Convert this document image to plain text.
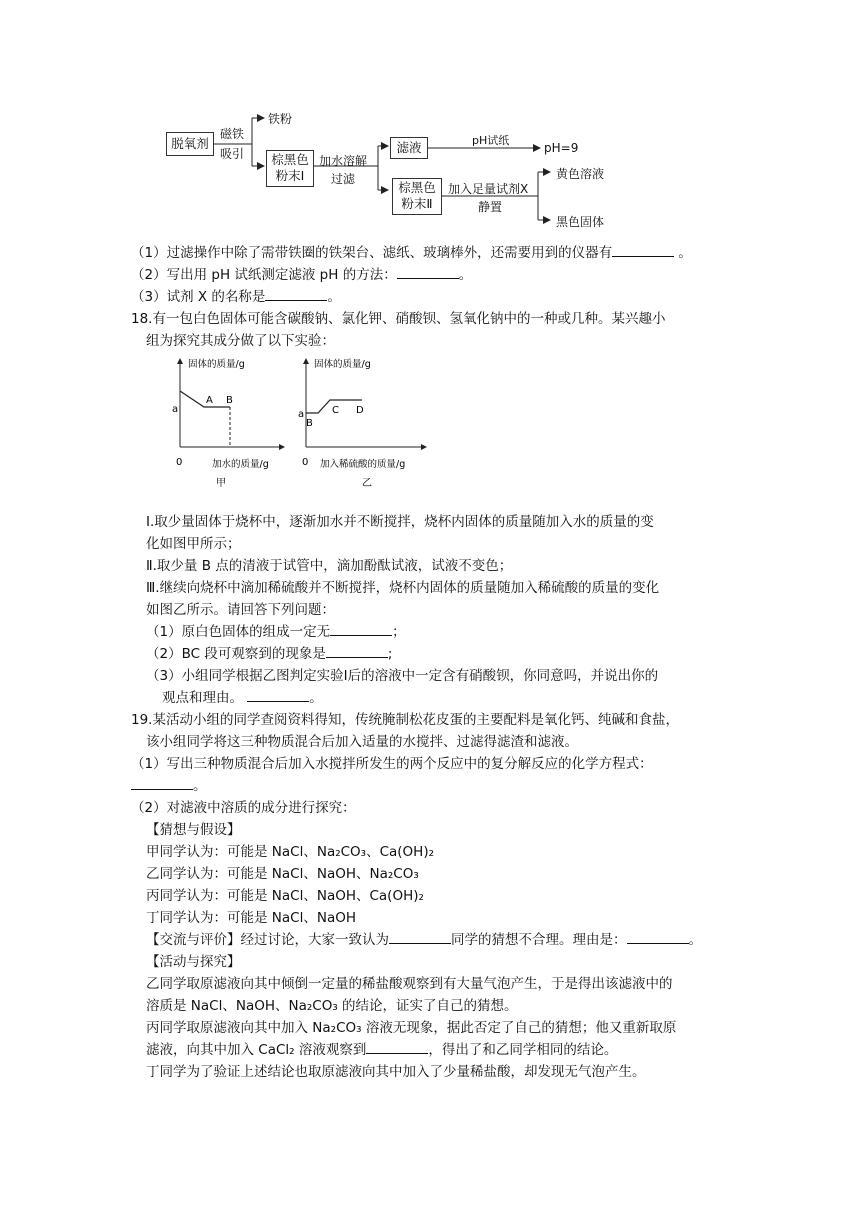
脱氧剂
磁铁
吸引
铁粉
棕黑色
粉末Ⅰ
加水溶解
过滤
滤液	pH试纸
pH=9
棕黑色
粉末Ⅱ
加入足量试剂X
静置
黄色溶液
黑色固体
（1）过滤操作中除了需带铁圈的铁架台、滤纸、玻璃棒外，还需要用到的仪器有	。
（2）写出用 pH 试纸测定滤液 pH 的方法：	。
（3）试剂 X 的名称是	。
18.有一包白色固体可能含碳酸钠、氯化钾、硝酸钡、氢氧化钠中的一种或几种。某兴趣小
组为探究其成分做了以下实验：
固体的质量/g
a
A B
0	加水的质量/g
甲
固体的质量/g
a
B
C D
0 加入稀硫酸的质量/g
乙
Ⅰ.取少量固体于烧杯中，逐渐加水并不断搅拌，烧杯内固体的质量随加入水的质量的变
化如图甲所示；
Ⅱ.取少量 B 点的清液于试管中，滴加酚酞试液，试液不变色；
Ⅲ.继续向烧杯中滴加稀硫酸并不断搅拌，烧杯内固体的质量随加入稀硫酸的质量的变化
如图乙所示。请回答下列问题：
（1）原白色固体的组成一定无	；
（2）BC 段可观察到的现象是	;
（3）小组同学根据乙图判定实验Ⅰ后的溶液中一定含有硝酸钡，你同意吗，并说出你的
观点和理由。	。
19.某活动小组的同学查阅资料得知，传统腌制松花皮蛋的主要配料是氧化钙、纯碱和食盐，
该小组同学将这三种物质混合后加入适量的水搅拌、过滤得滤渣和滤液。
（1）写出三种物质混合后加入水搅拌所发生的两个反应中的复分解反应的化学方程式：
。
（2）对滤液中溶质的成分进行探究：
【猜想与假设】
甲同学认为：可能是 NaCl、Na₂CO₃、Ca(OH)₂
乙同学认为：可能是 NaCl、NaOH、Na₂CO₃
丙同学认为：可能是 NaCl、NaOH、Ca(OH)₂
丁同学认为：可能是 NaCl、NaOH
【交流与评价】经过讨论，大家一致认为	同学的猜想不合理。理由是：	。
【活动与探究】
乙同学取原滤液向其中倾倒一定量的稀盐酸观察到有大量气泡产生，于是得出该滤液中的
溶质是 NaCl、NaOH、Na₂CO₃ 的结论，证实了自己的猜想。
丙同学取原滤液向其中加入 Na₂CO₃ 溶液无现象，据此否定了自己的猜想；他又重新取原
滤液，向其中加入 CaCl₂ 溶液观察到	，得出了和乙同学相同的结论。
丁同学为了验证上述结论也取原滤液向其中加入了少量稀盐酸，却发现无气泡产生。
